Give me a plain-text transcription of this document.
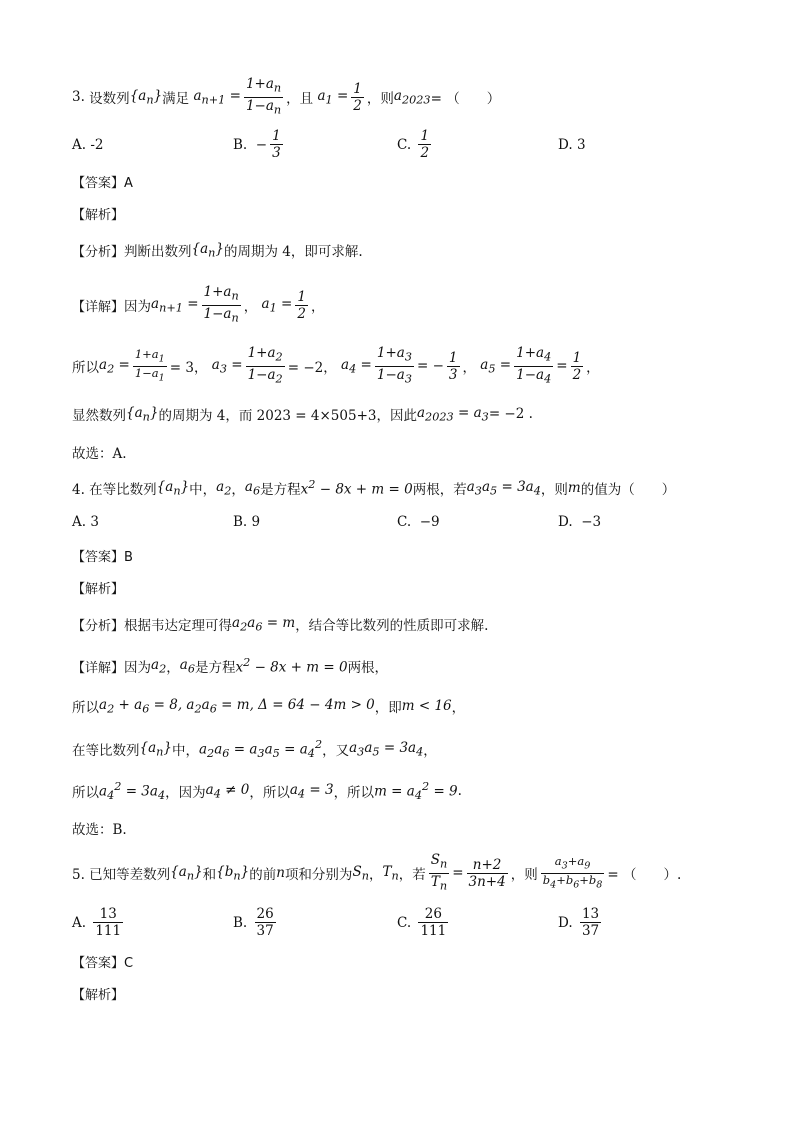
3. 设数列 $\{a_n\}$ 满足 $a_{n+1} = \frac{1+a_n}{1-a_n}$ ，且 $a_1 = \frac{1}{2}$ ，则 $a_{2023}$ = （　　）
A.
-2	B. −
1
3
C.

1
2	D.
3
【答案】A
【解析】
【分析】 判断出数列 $\{a_n\}$ 的周期为 4，即可求解.
【详解】 因为 $a_{n+1} = \frac{1+a_n}{1-a_n}$ ， $a_1 = \frac{1}{2}$ ，
所以 $a_2 = \frac{1+a_1}{1-a_1} = 3$， $a_3 = \frac{1+a_2}{1-a_2} = -2$， $a_4 = \frac{1+a_3}{1-a_3}$ = −
1
3 ， $a_5 = \frac{1+a_4}{1-a_4}$ =
1
2 ，
显然数列 $\{a_n\}$ 的周期为 4，而 2023 = 4×505+3，因此 $a_{2023} = a_3 = -2$ .
故选：A.
4. 在等比数列 $\{a_n\}$ 中， $a_2$ ， $a_6$ 是方程 $x^2 - 8x + m = 0$ 两根，若 $a_3a_5 = 3a_4$ ，则 m 的值为（　　）
A.
3	B.
9	C.
−9	D.
−3
【答案】B
【解析】
【分析】 根据韦达定理可得 $a_2a_6 = m$ ，结合等比数列的性质即可求解.
【详解】 因为 $a_2$ ， $a_6$ 是方程 $x^2 - 8x + m = 0$ 两根，
所以 $a_2 + a_6 = 8$, $a_2a_6 = m$, Δ = 64 − 4m > 0 ，即 m < 16 ，
在等比数列 $\{a_n\}$ 中， $a_2a_6 = a_3a_5 = a_4^2$ ，又 $a_3a_5 = 3a_4$ ，
所以 $a_4^2 = 3a_4$ ，因为 $a_4 \ne 0$ ，所以 $a_4 = 3$ ，所以 $m = a_4^2 = 9$ .
故选：B.
5. 已知等差数列 $\{a_n\}$ 和 $\{b_n\}$ 的前 n 项和分别为 $S_n$ ， $T_n$ ，若
$S_n$
$T_n$
=
n+2
3n+4 ，则
$a_3+a_9$
$b_4+b_6+b_8$
= （　　）.
A.

13
111
B.

26
37
C.

26
111
D.

13
37
【答案】C
【解析】
